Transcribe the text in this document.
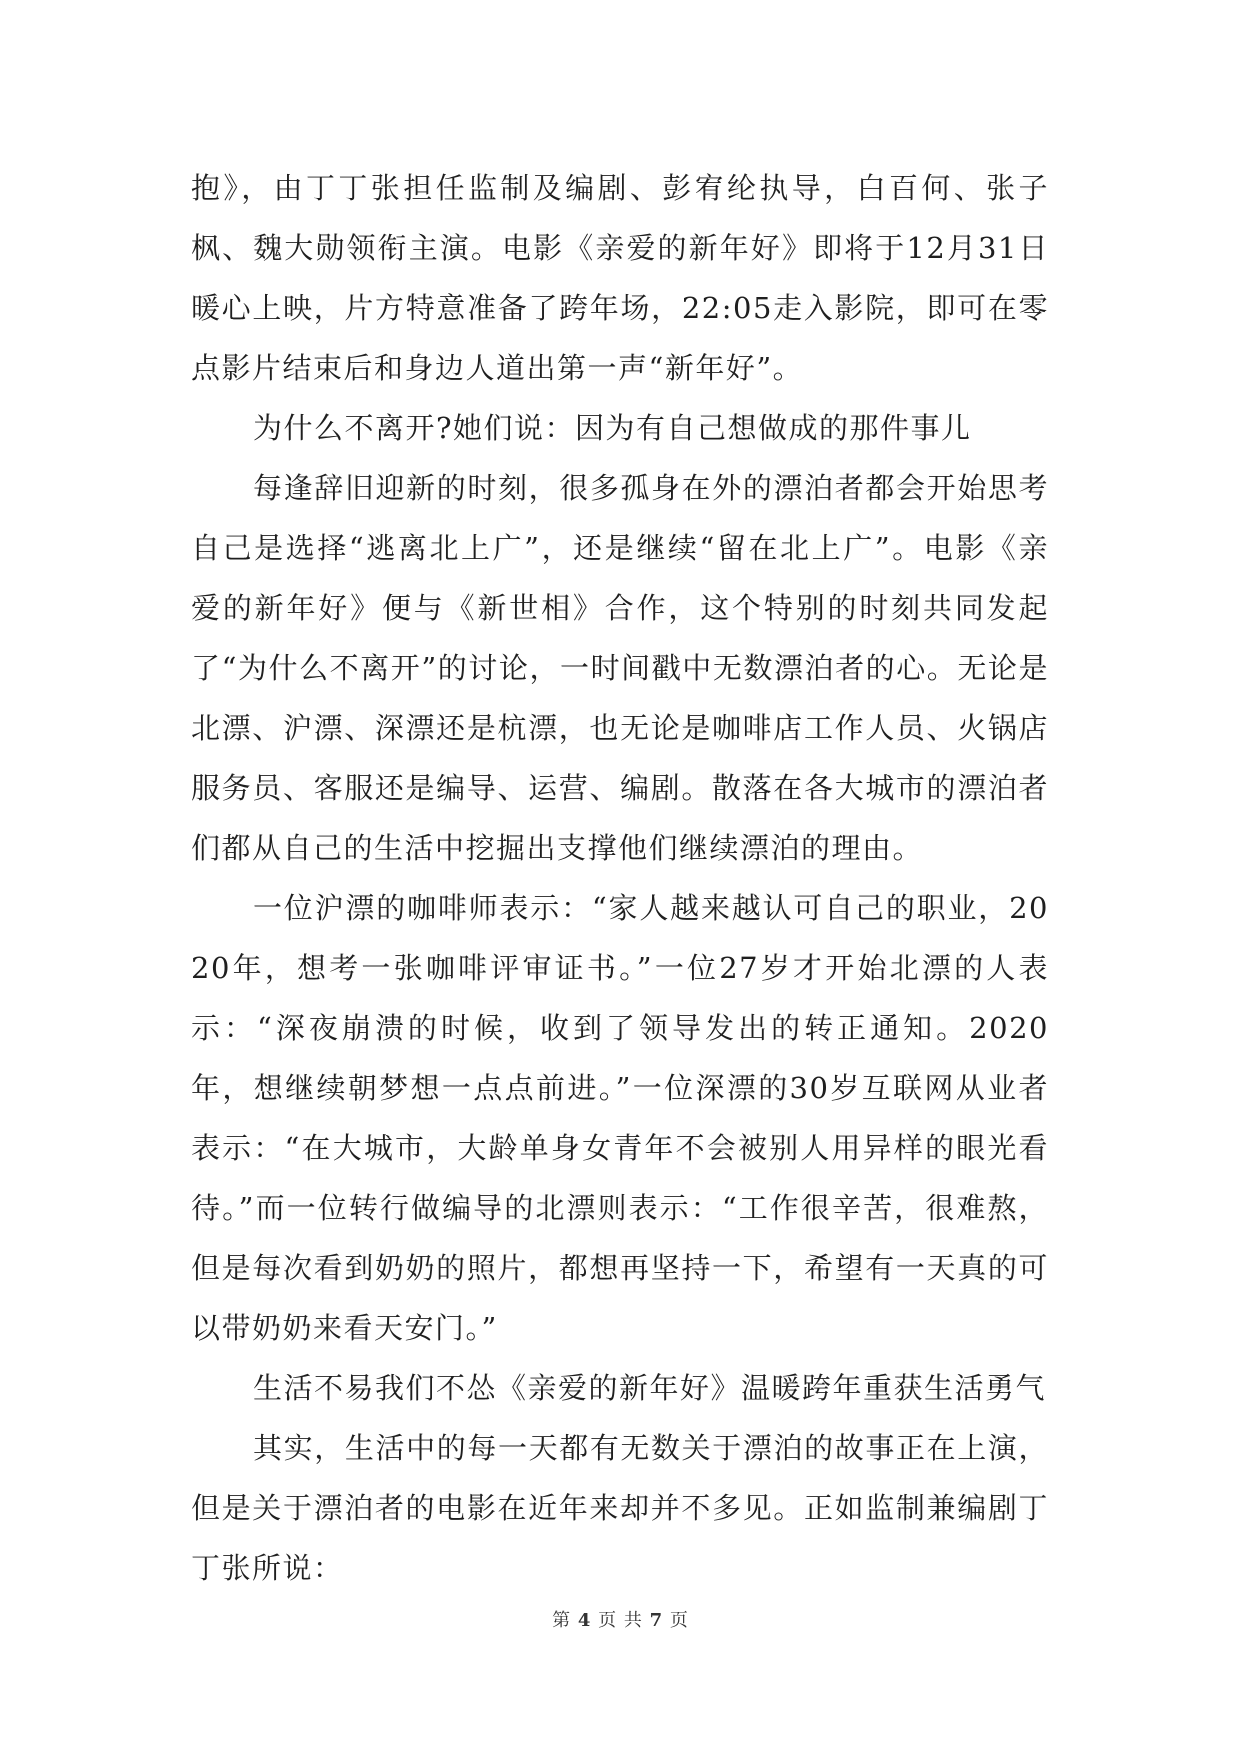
抱》，由丁丁张担任监制及编剧、彭宥纶执导，白百何、张子枫、魏大勋领衔主演。电影《亲爱的新年好》即将于12月31日暖心上映，片方特意准备了跨年场，22:05走入影院，即可在零点影片结束后和身边人道出第一声“新年好”。

为什么不离开?她们说：因为有自己想做成的那件事儿

每逢辞旧迎新的时刻，很多孤身在外的漂泊者都会开始思考自己是选择“逃离北上广”，还是继续“留在北上广”。电影《亲爱的新年好》便与《新世相》合作，这个特别的时刻共同发起了“为什么不离开”的讨论，一时间戳中无数漂泊者的心。无论是北漂、沪漂、深漂还是杭漂，也无论是咖啡店工作人员、火锅店服务员、客服还是编导、运营、编剧。散落在各大城市的漂泊者们都从自己的生活中挖掘出支撑他们继续漂泊的理由。

一位沪漂的咖啡师表示：“家人越来越认可自己的职业，2020年，想考一张咖啡评审证书。”一位27岁才开始北漂的人表示：“深夜崩溃的时候，收到了领导发出的转正通知。2020年，想继续朝梦想一点点前进。”一位深漂的30岁互联网从业者表示：“在大城市，大龄单身女青年不会被别人用异样的眼光看待。”而一位转行做编导的北漂则表示：“工作很辛苦，很难熬，但是每次看到奶奶的照片，都想再坚持一下，希望有一天真的可以带奶奶来看天安门。”

生活不易我们不怂《亲爱的新年好》温暖跨年重获生活勇气

其实，生活中的每一天都有无数关于漂泊的故事正在上演，但是关于漂泊者的电影在近年来却并不多见。正如监制兼编剧丁丁张所说：

第 4 页 共 7 页
